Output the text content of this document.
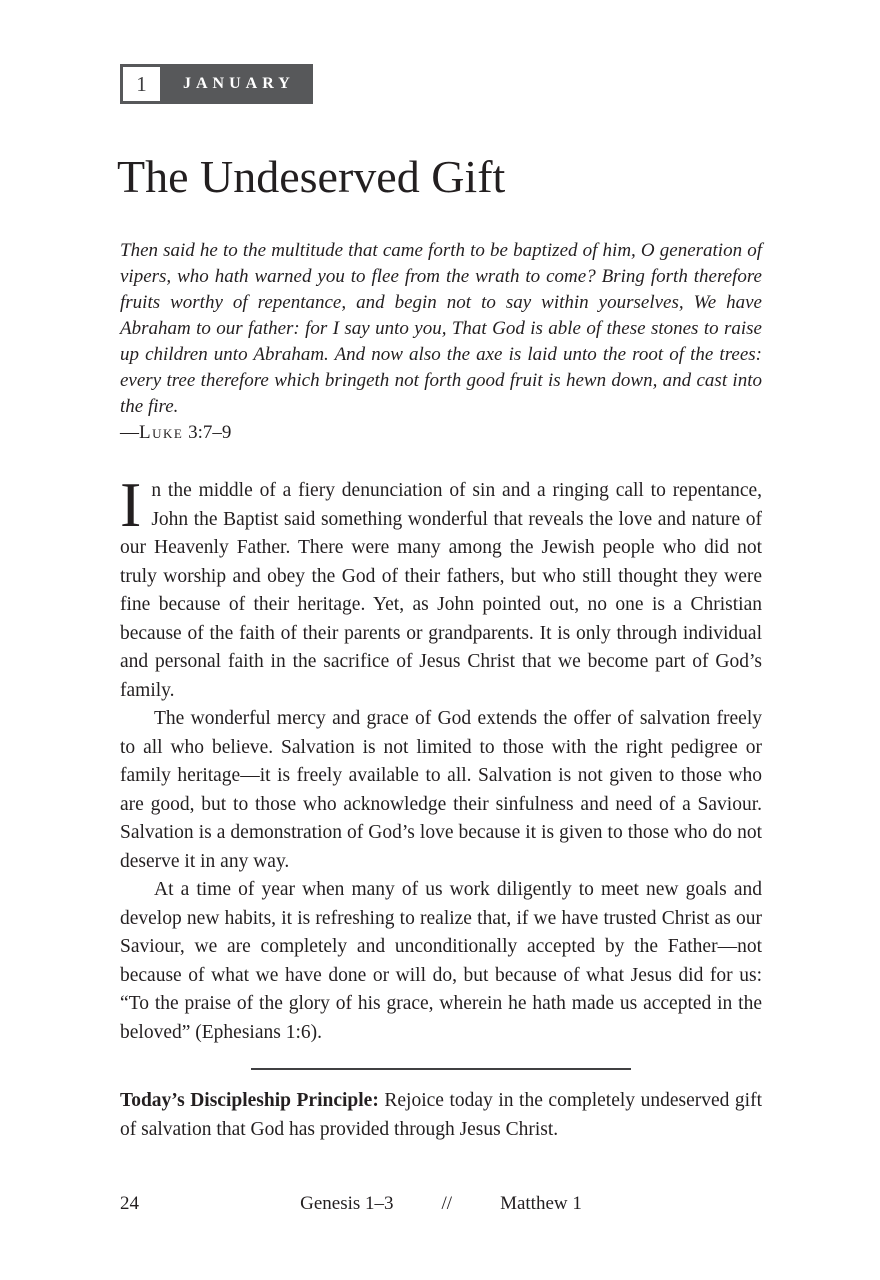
1	JANUARY
The Undeserved Gift
Then said he to the multitude that came forth to be baptized of him, O generation of vipers, who hath warned you to flee from the wrath to come? Bring forth therefore fruits worthy of repentance, and begin not to say within yourselves, We have Abraham to our father: for I say unto you, That God is able of these stones to raise up children unto Abraham. And now also the axe is laid unto the root of the trees: every tree therefore which bringeth not forth good fruit is hewn down, and cast into the fire.
—Luke 3:7–9

In the middle of a fiery denunciation of sin and a ringing call to repentance, John the Baptist said something wonderful that reveals the love and nature of our Heavenly Father. There were many among the Jewish people who did not truly worship and obey the God of their fathers, but who still thought they were fine because of their heritage. Yet, as John pointed out, no one is a Christian because of the faith of their parents or grandparents. It is only through individual and personal faith in the sacrifice of Jesus Christ that we become part of God’s family.

The wonderful mercy and grace of God extends the offer of salvation freely to all who believe. Salvation is not limited to those with the right pedigree or family heritage—it is freely available to all. Salvation is not given to those who are good, but to those who acknowledge their sinfulness and need of a Saviour. Salvation is a demonstration of God’s love because it is given to those who do not deserve it in any way.

At a time of year when many of us work diligently to meet new goals and develop new habits, it is refreshing to realize that, if we have trusted Christ as our Saviour, we are completely and unconditionally accepted by the Father—not because of what we have done or will do, but because of what Jesus did for us: “To the praise of the glory of his grace, wherein he hath made us accepted in the beloved” (Ephesians 1:6).

Today’s Discipleship Principle: Rejoice today in the completely undeserved gift of salvation that God has provided through Jesus Christ.

24	Genesis 1–3	//	Matthew 1
